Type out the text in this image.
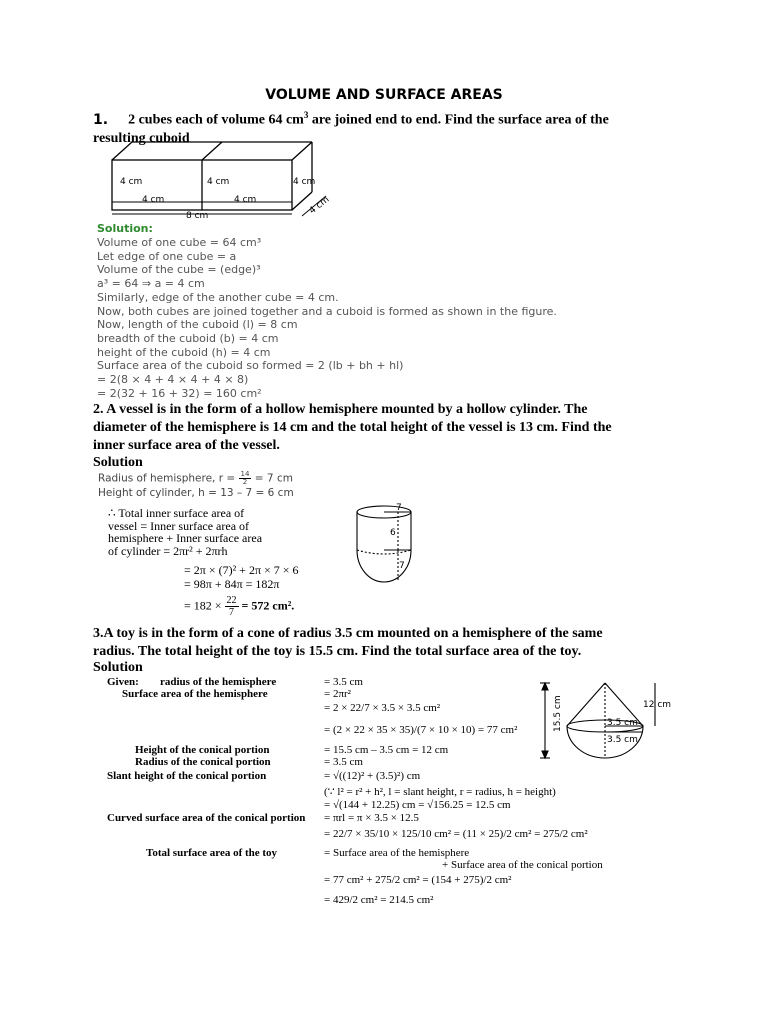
VOLUME AND SURFACE AREAS
1. 2 cubes each of volume 64 $cm^3$ are joined end to end. Find the surface area of the
resulting cuboid
4 cm	4 cm	4 cm
4 cm	4 cm
8 cm	4 cm
Solution:
Volume of one cube = 64 cm³
Let edge of one cube = a
Volume of the cube = (edge)³
a³ = 64 ⇒ a = 4 cm
Similarly, edge of the another cube = 4 cm.
Now, both cubes are joined together and a cuboid is formed as shown in the figure.
Now, length of the cuboid (l) = 8 cm
breadth of the cuboid (b) = 4 cm
height of the cuboid (h) = 4 cm
Surface area of the cuboid so formed = 2 (lb + bh + hl)
= 2(8 × 4 + 4 × 4 + 4 × 8)
= 2(32 + 16 + 32) = 160 cm²
2. A vessel is in the form of a hollow hemisphere mounted by a hollow cylinder. The
diameter of the hemisphere is 14 cm and the total height of the vessel is 13 cm. Find the
inner surface area of the vessel.
Solution
Radius of hemisphere, $r = \frac{14}{2} = 7$ cm
Height of cylinder, h = 13 – 7 = 6 cm
∴ Total inner surface area of
vessel = Inner surface area of
hemisphere + Inner surface area
of cylinder = 2πr² + 2πrh
= 2π × (7)² + 2π × 7 × 6
= 98π + 84π = 182π
= $182 \times \frac{22}{7} = 572$ cm².
7
6
7
3.A toy is in the form of a cone of radius 3.5 cm mounted on a hemisphere of the same
radius. The total height of the toy is 15.5 cm. Find the total surface area of the toy.
Solution
Given: radius of the hemisphere	= 3.5 cm
Surface area of the hemisphere	= 2πr²
= 2 × 22/7 × 3.5 × 3.5 cm²
= (2 × 22 × 35 × 35)/(7 × 10 × 10) = 77 cm²
Height of the conical portion	= 15.5 cm – 3.5 cm = 12 cm
Radius of the conical portion	= 3.5 cm
Slant height of the conical portion	= √((12)² + (3.5)²) cm
(∵ l² = r² + h², l = slant height, r = radius, h = height)
= √(144 + 12.25) cm = √156.25 = 12.5 cm
Curved surface area of the conical portion = πrl = π × 3.5 × 12.5
= 22/7 × 35/10 × 125/10 cm² = (11 × 25)/2 cm² = 275/2 cm²
Total surface area of the toy	= Surface area of the hemisphere
+ Surface area of the conical portion
= 77 cm² + 275/2 cm² = (154 + 275)/2 cm²
= 429/2 cm² = 214.5 cm²
15.5 cm	12 cm
3.5 cm
3.5 cm
